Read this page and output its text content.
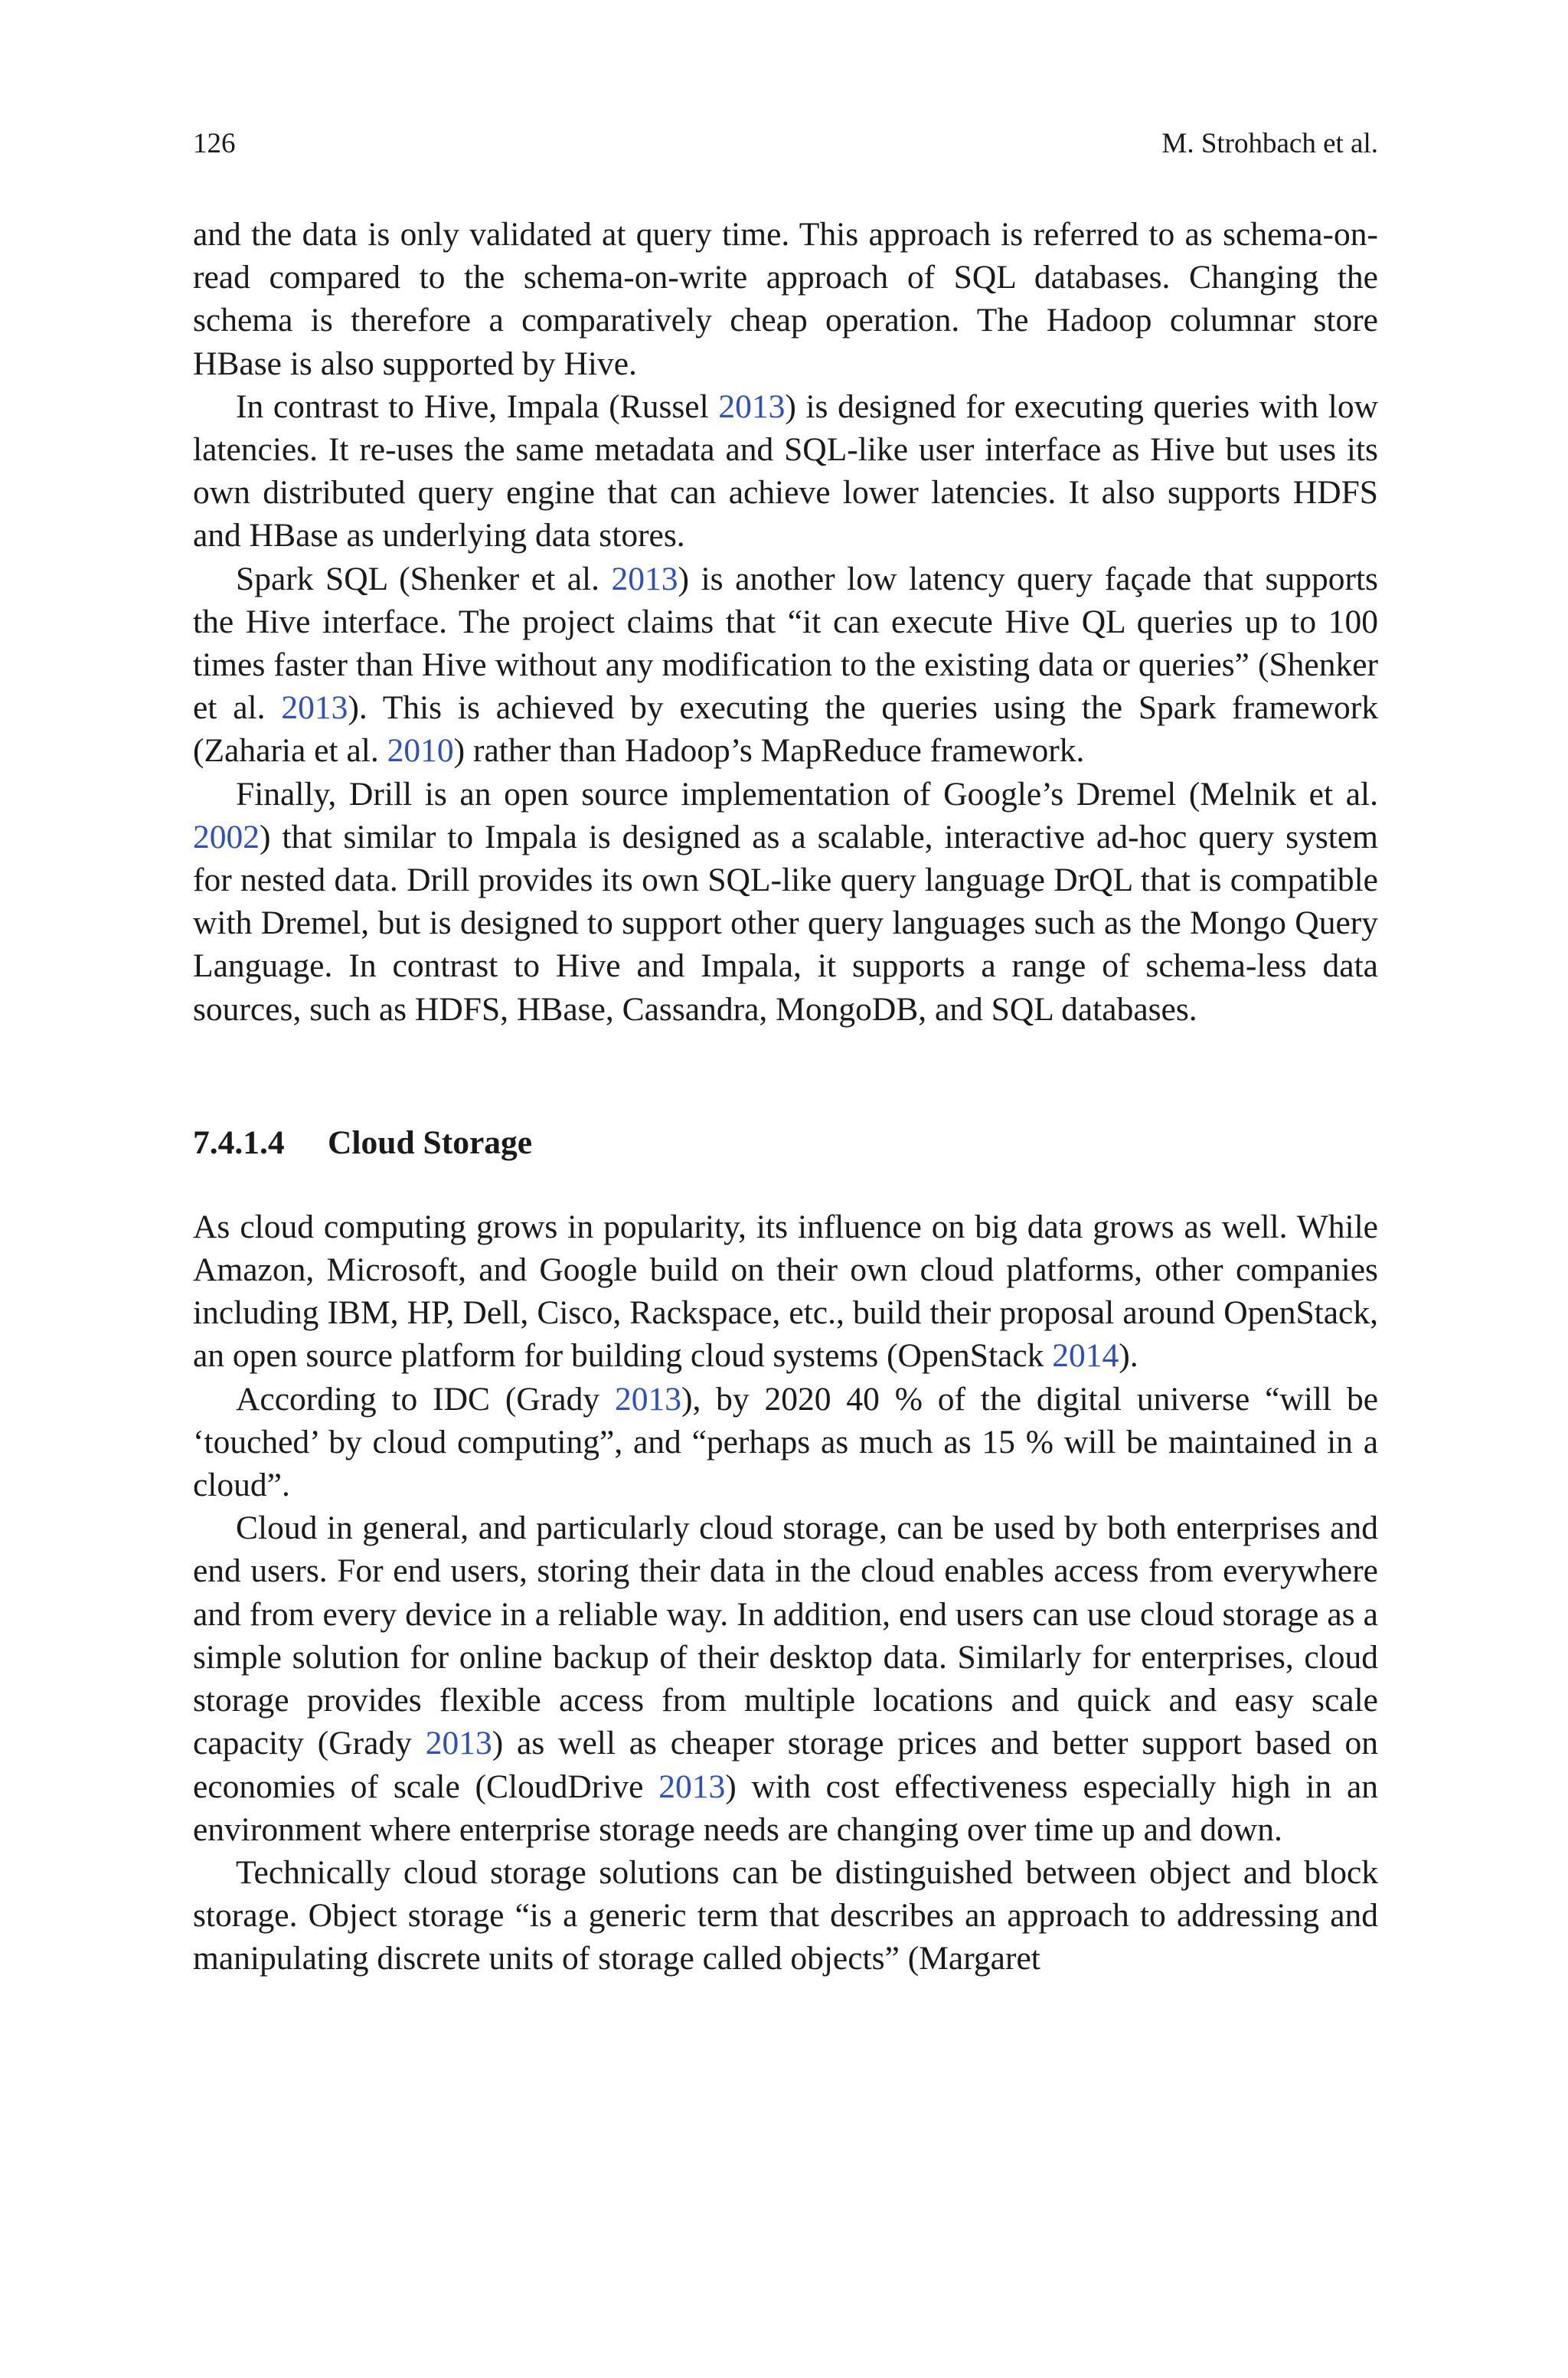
126	M. Strohbach et al.

and the data is only validated at query time. This approach is referred to as schema-on-read compared to the schema-on-write approach of SQL databases. Changing the schema is therefore a comparatively cheap operation. The Hadoop columnar store HBase is also supported by Hive.

In contrast to Hive, Impala (Russel 2013) is designed for executing queries with low latencies. It re-uses the same metadata and SQL-like user interface as Hive but uses its own distributed query engine that can achieve lower latencies. It also supports HDFS and HBase as underlying data stores.

Spark SQL (Shenker et al. 2013) is another low latency query façade that supports the Hive interface. The project claims that “it can execute Hive QL queries up to 100 times faster than Hive without any modification to the existing data or queries” (Shenker et al. 2013). This is achieved by executing the queries using the Spark framework (Zaharia et al. 2010) rather than Hadoop’s MapReduce framework.

Finally, Drill is an open source implementation of Google’s Dremel (Melnik et al. 2002) that similar to Impala is designed as a scalable, interactive ad-hoc query system for nested data. Drill provides its own SQL-like query language DrQL that is compatible with Dremel, but is designed to support other query languages such as the Mongo Query Language. In contrast to Hive and Impala, it supports a range of schema-less data sources, such as HDFS, HBase, Cassandra, MongoDB, and SQL databases.

7.4.1.4 Cloud Storage

As cloud computing grows in popularity, its influence on big data grows as well. While Amazon, Microsoft, and Google build on their own cloud platforms, other companies including IBM, HP, Dell, Cisco, Rackspace, etc., build their proposal around OpenStack, an open source platform for building cloud systems (OpenStack 2014).

According to IDC (Grady 2013), by 2020 40 % of the digital universe “will be ‘touched’ by cloud computing”, and “perhaps as much as 15 % will be maintained in a cloud”.

Cloud in general, and particularly cloud storage, can be used by both enterprises and end users. For end users, storing their data in the cloud enables access from everywhere and from every device in a reliable way. In addition, end users can use cloud storage as a simple solution for online backup of their desktop data. Similarly for enterprises, cloud storage provides flexible access from multiple locations and quick and easy scale capacity (Grady 2013) as well as cheaper storage prices and better support based on economies of scale (CloudDrive 2013) with cost effectiveness especially high in an environment where enterprise storage needs are changing over time up and down.

Technically cloud storage solutions can be distinguished between object and block storage. Object storage “is a generic term that describes an approach to addressing and manipulating discrete units of storage called objects” (Margaret
